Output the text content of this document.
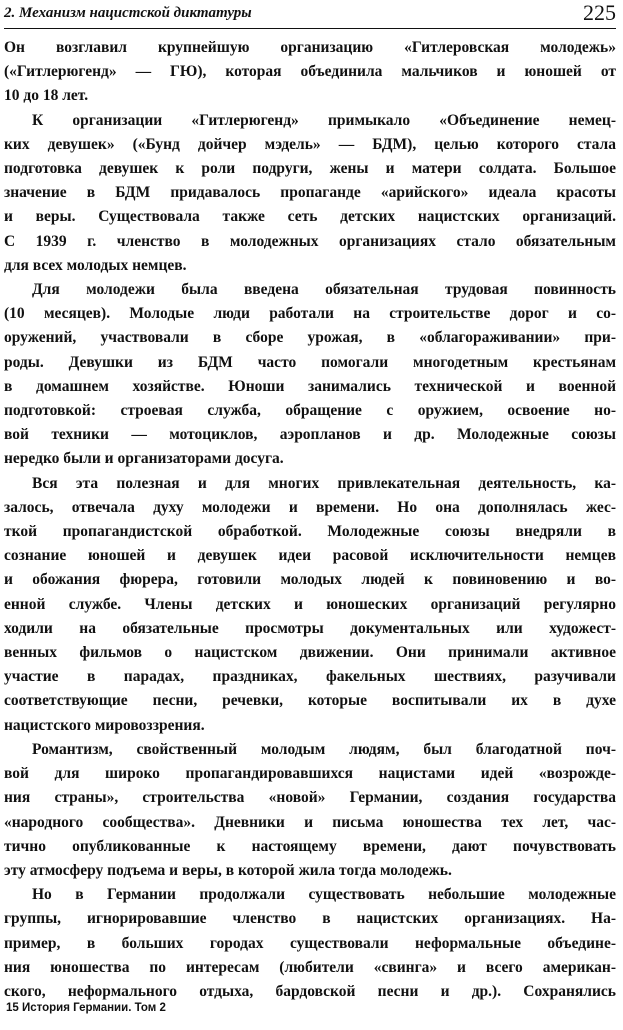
2. Механизм нацистской диктатуры	225
Он возглавил крупнейшую организацию «Гитлеровская молодежь»
(«Гитлерюгенд» — ГЮ), которая объединила мальчиков и юношей от
10 до 18 лет.
К организации «Гитлерюгенд» примыкало «Объединение немец-
ких девушек» («Бунд дойчер мэдель» — БДМ), целью которого стала
подготовка девушек к роли подруги, жены и матери солдата. Большое
значение в БДМ придавалось пропаганде «арийского» идеала красоты
и веры. Существовала также сеть детских нацистских организаций.
С 1939 г. членство в молодежных организациях стало обязательным
для всех молодых немцев.
Для молодежи была введена обязательная трудовая повинность
(10 месяцев). Молодые люди работали на строительстве дорог и со-
оружений, участвовали в сборе урожая, в «облагораживании» при-
роды. Девушки из БДМ часто помогали многодетным крестьянам
в домашнем хозяйстве. Юноши занимались технической и военной
подготовкой: строевая служба, обращение с оружием, освоение но-
вой техники — мотоциклов, аэропланов и др. Молодежные союзы
нередко были и организаторами досуга.
Вся эта полезная и для многих привлекательная деятельность, ка-
залось, отвечала духу молодежи и времени. Но она дополнялась жес-
ткой пропагандистской обработкой. Молодежные союзы внедряли в
сознание юношей и девушек идеи расовой исключительности немцев
и обожания фюрера, готовили молодых людей к повиновению и во-
енной службе. Члены детских и юношеских организаций регулярно
ходили на обязательные просмотры документальных или художест-
венных фильмов о нацистском движении. Они принимали активное
участие в парадах, праздниках, факельных шествиях, разучивали
соответствующие песни, речевки, которые воспитывали их в духе
нацистского мировоззрения.
Романтизм, свойственный молодым людям, был благодатной поч-
вой для широко пропагандировавшихся нацистами идей «возрожде-
ния страны», строительства «новой» Германии, создания государства
«народного сообщества». Дневники и письма юношества тех лет, час-
тично опубликованные к настоящему времени, дают почувствовать
эту атмосферу подъема и веры, в которой жила тогда молодежь.
Но в Германии продолжали существовать небольшие молодежные
группы, игнорировавшие членство в нацистских организациях. На-
пример, в больших городах существовали неформальные объедине-
ния юношества по интересам (любители «свинга» и всего американ-
ского, неформального отдыха, бардовской песни и др.). Сохранялись
15 История Германии. Том 2
